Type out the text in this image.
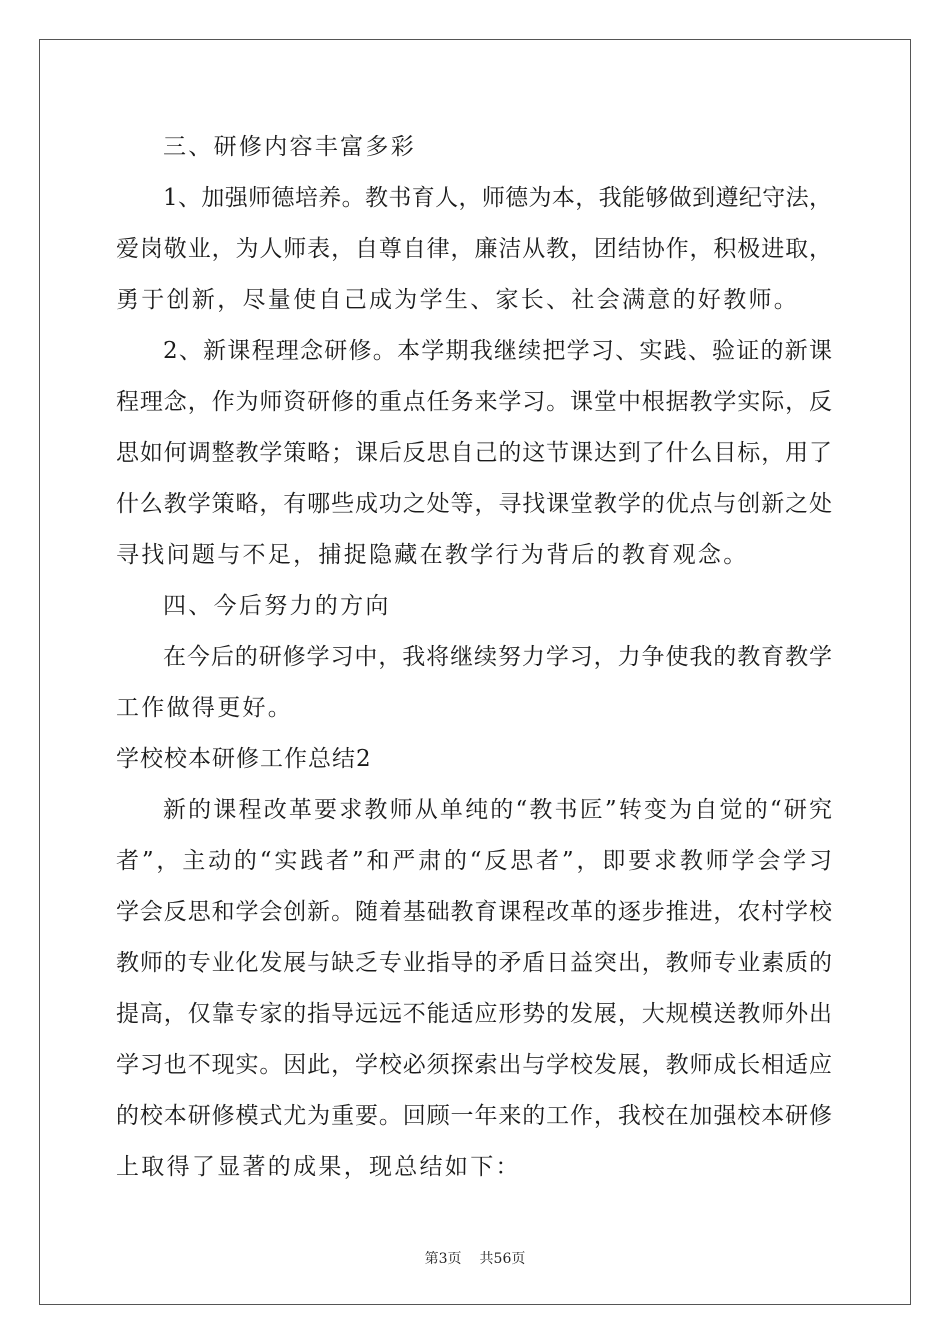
三、研修内容丰富多彩
1、加强师德培养。教书育人，师德为本，我能够做到遵纪守法，
爱岗敬业，为人师表，自尊自律，廉洁从教，团结协作，积极进取，
勇于创新，尽量使自己成为学生、家长、社会满意的好教师。
2、新课程理念研修。本学期我继续把学习、实践、验证的新课
程理念，作为师资研修的重点任务来学习。课堂中根据教学实际，反
思如何调整教学策略；课后反思自己的这节课达到了什么目标，用了
什么教学策略，有哪些成功之处等，寻找课堂教学的优点与创新之处
寻找问题与不足，捕捉隐藏在教学行为背后的教育观念。
四、今后努力的方向
在今后的研修学习中，我将继续努力学习，力争使我的教育教学
工作做得更好。
学校校本研修工作总结2
新的课程改革要求教师从单纯的“教书匠”转变为自觉的“研究
者”，主动的“实践者”和严肃的“反思者”，即要求教师学会学习
学会反思和学会创新。随着基础教育课程改革的逐步推进，农村学校
教师的专业化发展与缺乏专业指导的矛盾日益突出，教师专业素质的
提高，仅靠专家的指导远远不能适应形势的发展，大规模送教师外出
学习也不现实。因此，学校必须探索出与学校发展，教师成长相适应
的校本研修模式尤为重要。回顾一年来的工作，我校在加强校本研修
上取得了显著的成果，现总结如下：
第3页 共56页
